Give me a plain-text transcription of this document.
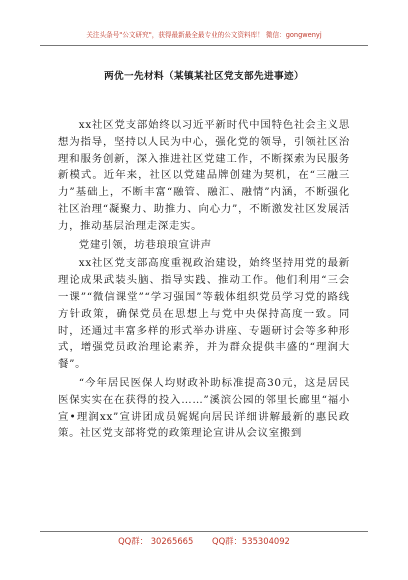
关注头条号"公文研究"，获得最新最全最专业的公文资料库！ 微信：gongwenyj
两优一先材料（某镇某社区党支部先进事迹）

xx社区党支部始终以习近平新时代中国特色社会主义思想为指导，坚持以人民为中心，强化党的领导，引领社区治理和服务创新，深入推进社区党建工作，不断探索为民服务新模式。近年来，社区以党建品牌创建为契机，在“三融三力”基础上，不断丰富“融管、融汇、融情”内涵，不断强化社区治理“凝聚力、助推力、向心力”，不断激发社区发展活力，推动基层治理走深走实。

党建引领，坊巷琅琅宣讲声

xx社区党支部高度重视政治建设，始终坚持用党的最新理论成果武装头脑、指导实践、推动工作。他们利用“三会一课”“微信课堂”“学习强国”等载体组织党员学习党的路线方针政策，确保党员在思想上与党中央保持高度一致。同时，还通过丰富多样的形式举办讲座、专题研讨会等多种形式，增强党员政治理论素养，并为群众提供丰盛的“理润大餐”。

“今年居民医保人均财政补助标准提高30元，这是居民医保实实在在获得的投入……”溪滨公园的邻里长廊里“福小宣•理润xx”宣讲团成员娓娓向居民详细讲解最新的惠民政策。社区党支部将党的政策理论宣讲从会议室搬到

QQ群： 30265665 QQ群：535304092
